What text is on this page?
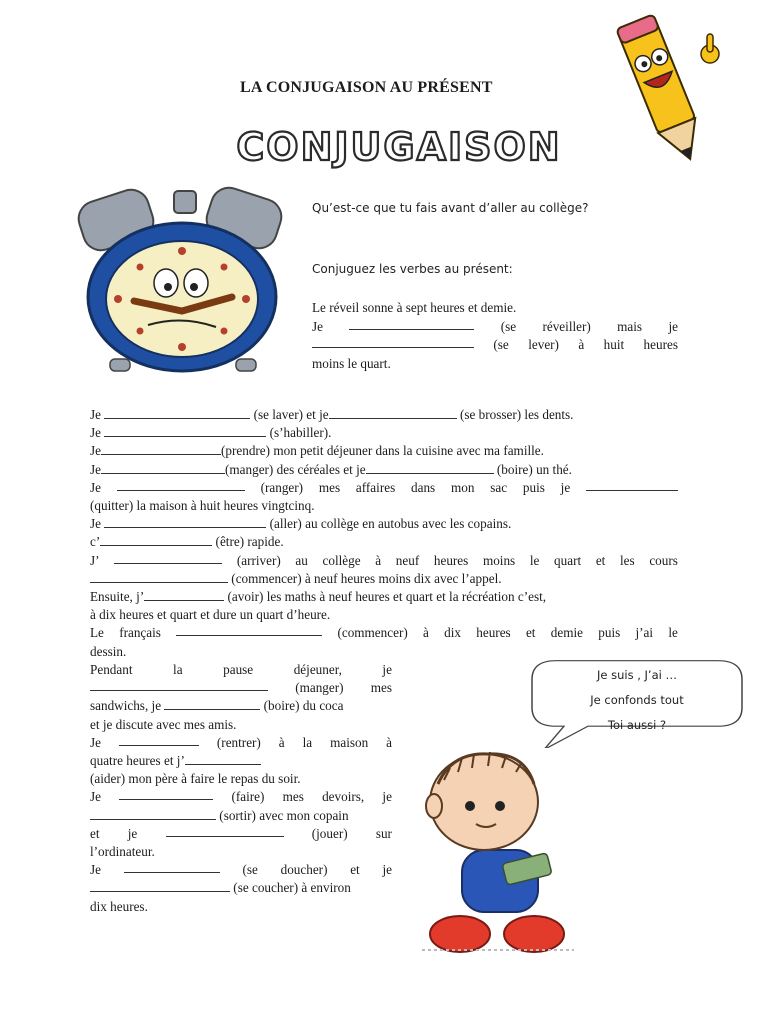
LA CONJUGAISON AU PRÉSENT
CONJUGAISON
Qu’est-ce que tu fais avant d’aller au collège?
Conjuguez les verbes au présent:
Le réveil sonne à sept heures et demie.
Je	(se réveiller) mais je
(se lever) à huit heures
moins le quart.
Je	(se laver) et je	(se brosser) les dents.
Je	(s’habiller).
Je	(prendre) mon petit déjeuner dans la cuisine avec ma famille.
Je	(manger) des céréales et je	(boire) un thé.
Je	(ranger) mes affaires dans mon sac puis je
(quitter) la maison à huit heures vingtcinq.
Je	(aller) au collège en autobus avec les copains.
c’	(être) rapide.
J’	(arriver) au collège à neuf heures moins le quart et les cours
(commencer) à neuf heures moins dix avec l’appel.
Ensuite, j’	(avoir) les maths à neuf heures et quart et la récréation c’est,
à dix heures et quart et dure un quart d’heure.
Le français	(commencer) à dix heures et demie puis j’ai le
dessin.
Pendant	la	pause	déjeuner,	je
(manger) mes
sandwichs, je	(boire) du coca
et je discute avec mes amis.
Je	(rentrer) à la maison à
quatre heures et j’
(aider) mon père à faire le repas du soir.
Je	(faire) mes devoirs, je
(sortir) avec mon copain
et je	(jouer) sur
l’ordinateur.
Je	(se doucher) et je
(se coucher) à environ
dix heures.
Je suis , J’ai …
Je confonds tout
Toi aussi ?
